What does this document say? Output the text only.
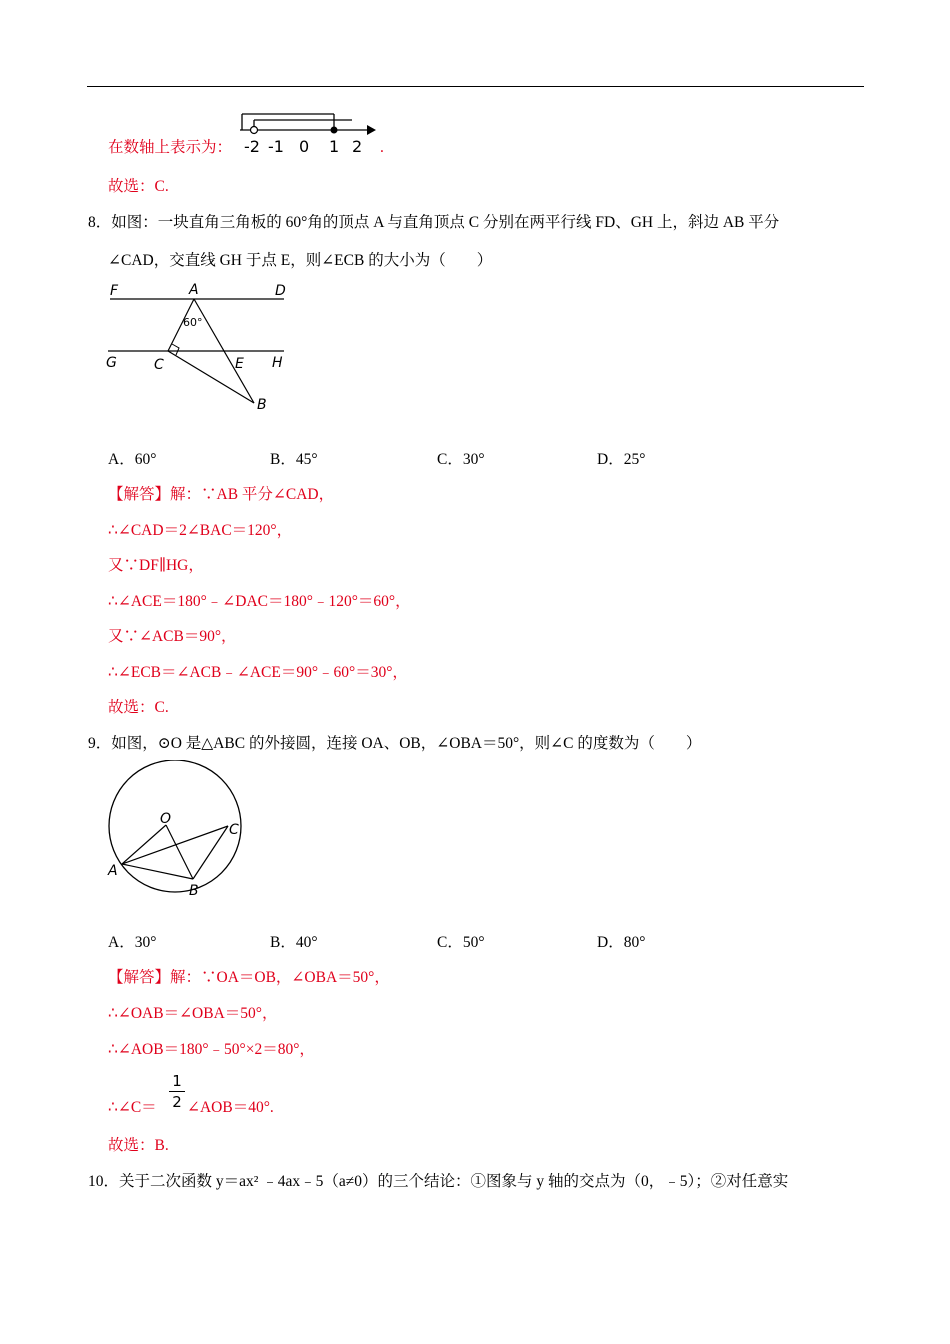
在数轴上表示为： -2 -1 0 1 2 .
故选：C.
8．如图：一块直角三角板的 60°角的顶点 A 与直角顶点 C 分别在两平行线 FD、GH 上，斜边 AB 平分
∠CAD，交直线 GH 于点 E，则∠ECB 的大小为（　　）
F	A	D
G	C	E H
B
60°
A．60°	B．45°	C．30°	D．25°
【解答】解：∵AB 平分∠CAD，
∴∠CAD＝2∠BAC＝120°，
又∵DF∥HG，
∴∠ACE＝180°﹣∠DAC＝180°﹣120°＝60°，
又∵∠ACB＝90°，
∴∠ECB＝∠ACB﹣∠ACE＝90°﹣60°＝30°，
故选：C.
9．如图，⊙O 是△ABC 的外接圆，连接 OA、OB，∠OBA＝50°，则∠C 的度数为（　　）
O
A
B
C
A．30°	B．40°	C．50°	D．80°
【解答】解：∵OA＝OB，∠OBA＝50°，
∴∠OAB＝∠OBA＝50°，
∴∠AOB＝180°﹣50°×2＝80°，
∴∠C＝
1
2 ∠AOB＝40°.
故选：B.
10．关于二次函数 y＝ax² ﹣4ax﹣5（a≠0）的三个结论：①图象与 y 轴的交点为（0，﹣5）；②对任意实
